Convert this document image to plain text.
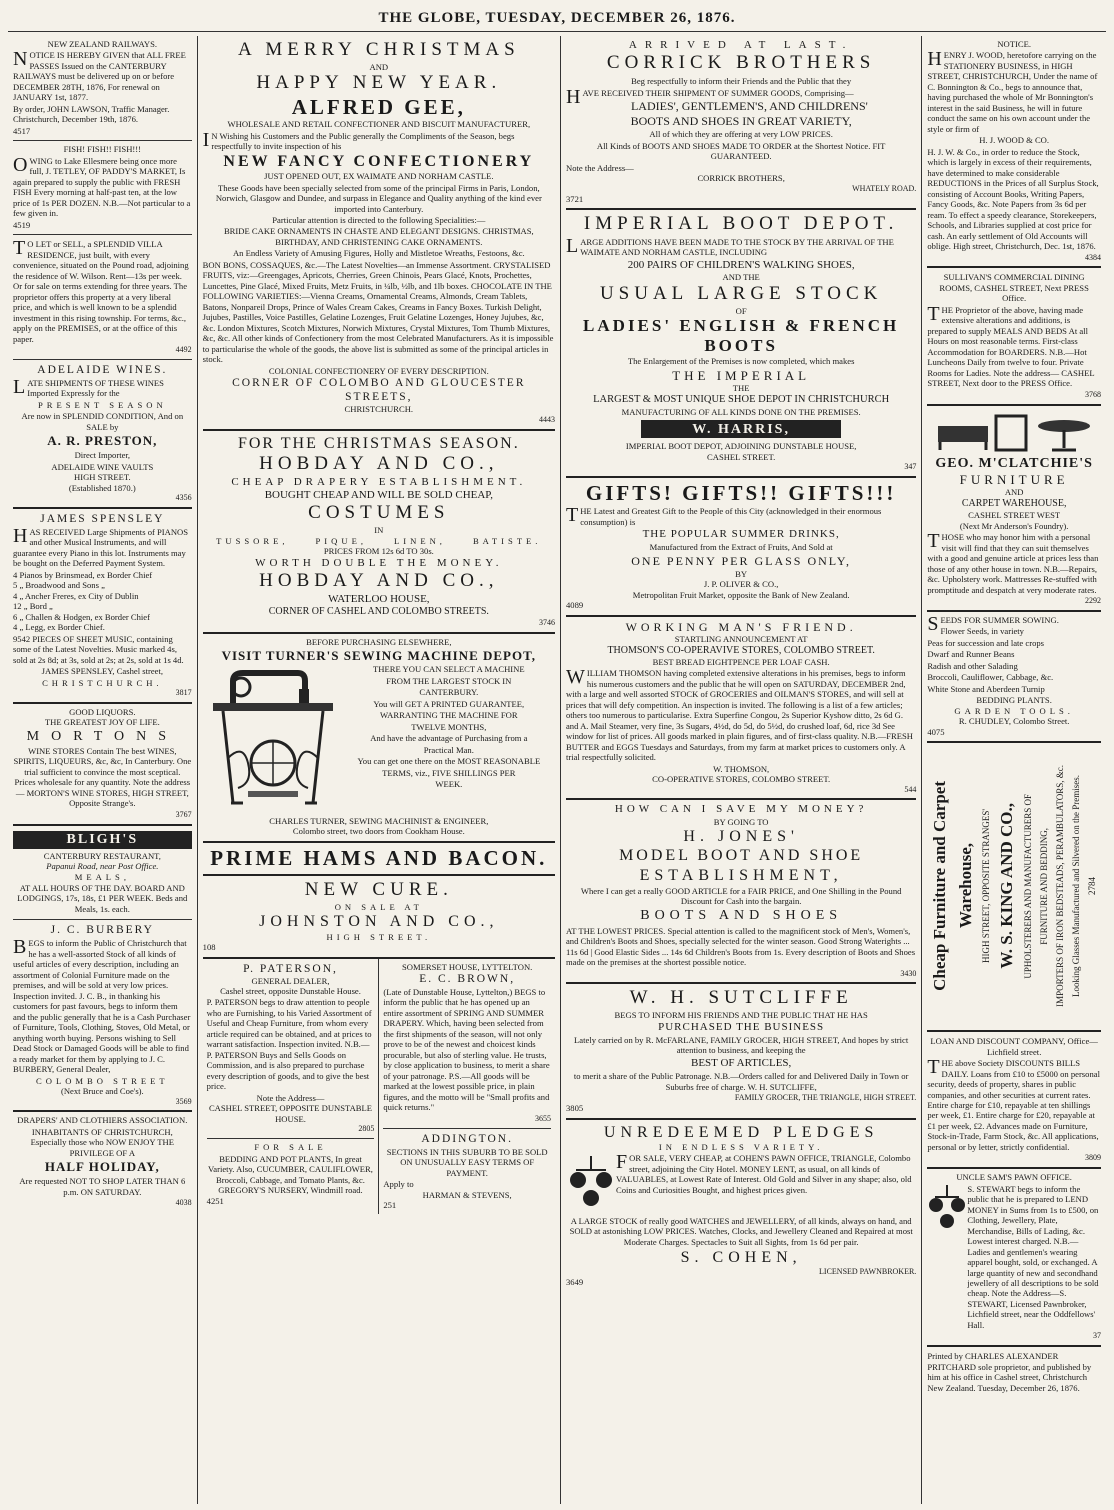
THE GLOBE, TUESDAY, DECEMBER 26, 1876.
NEW ZEALAND RAILWAYS.

NOTICE IS HEREBY GIVEN that ALL FREE PASSES Issued on the CANTERBURY RAILWAYS must be delivered up on or before DECEMBER 28TH, 1876, For renewal on JANUARY 1st, 1877.

By order, JOHN LAWSON, Traffic Manager. Christchurch, December 19th, 1876.

4517
FISH! FISH!! FISH!!!

OWING to Lake Ellesmere being once more full, J. TETLEY, OF PADDY'S MARKET, Is again prepared to supply the public with FRESH FISH Every morning at half-past ten, at the low price of 1s PER DOZEN. N.B.—Not particular to a few given in.

4519

TO LET or SELL, a SPLENDID VILLA RESIDENCE, just built, with every convenience, situated on the Pound road, adjoining the residence of W. Wilson. Rent—13s per week. Or for sale on terms extending for three years. The proprietor offers this property at a very liberal price, and which is well known to be a splendid investment in this rising township. For terms, &c., apply on the PREMISES, or at the office of this paper.

4492
ADELAIDE WINES.

LATE SHIPMENTS OF THESE WINES Imported Expressly for the

PRESENT SEASON

Are now in SPLENDID CONDITION, And on SALE by

A. R. PRESTON,

Direct Importer,

ADELAIDE WINE VAULTS
HIGH STREET.
(Established 1870.)
4356
JAMES SPENSLEY

HAS RECEIVED Large Shipments of PIANOS and other Musical Instruments, and will guarantee every Piano in this lot. Instruments may be bought on the Deferred Payment System.

4 Pianos by Brinsmead, ex Border Chief
5 „ Broadwood and Sons „
4 „ Ancher Freres, ex City of Dublin
12 „ Bord „
6 „ Challen & Hodgen, ex Border Chief
4 „ Legg, ex Border Chief.

9542 PIECES OF SHEET MUSIC, containing some of the Latest Novelties. Music marked 4s, sold at 2s 8d; at 3s, sold at 2s; at 2s, sold at 1s 4d.

JAMES SPENSLEY, Cashel street,

CHRISTCHURCH.
3817
GOOD LIQUORS.
THE GREATEST JOY OF LIFE.
MORTONS

WINE STORES Contain The best WINES, SPIRITS, LIQUEURS, &c, &c, In Canterbury. One trial sufficient to convince the most sceptical. Prices wholesale for any quantity. Note the address— MORTON'S WINE STORES, HIGH STREET, Opposite Strange's.

3767
BLIGH'S
CANTERBURY RESTAURANT,
Papanui Road, near Post Office.
MEALS,

AT ALL HOURS OF THE DAY. BOARD AND LODGINGS, 17s, 18s, £1 PER WEEK. Beds and Meals, 1s. each.

J. C. BURBERY

BEGS to inform the Public of Christchurch that he has a well-assorted Stock of all kinds of useful articles of every description, including an assortment of Colonial Furniture made on the premises, and will be sold at very low prices. Inspection invited. J. C. B., in thanking his customers for past favours, begs to inform them and the public generally that he is a Cash Purchaser of Furniture, Tools, Clothing, Stoves, Old Metal, or anything worth buying. Persons wishing to Sell Dead Stock or Damaged Goods will be able to find a ready market for them by applying to J. C. BURBERY, General Dealer,

COLOMBO STREET
(Next Bruce and Coe's).
3569
DRAPERS' AND CLOTHIERS ASSOCIATION.

INHABITANTS OF CHRISTCHURCH, Especially those who NOW ENJOY THE PRIVILEGE OF A

HALF HOLIDAY,

Are requested NOT TO SHOP LATER THAN 6 p.m. ON SATURDAY.

4038
A MERRY CHRISTMAS
AND
HAPPY NEW YEAR.
ALFRED GEE,
WHOLESALE AND RETAIL CONFECTIONER AND BISCUIT MANUFACTURER,

IN Wishing his Customers and the Public generally the Compliments of the Season, begs respectfully to invite inspection of his

NEW FANCY CONFECTIONERY
JUST OPENED OUT, EX WAIMATE AND NORHAM CASTLE.

These Goods have been specially selected from some of the principal Firms in Paris, London, Norwich, Glasgow and Dundee, and surpass in Elegance and Quality anything of the kind ever imported into Canterbury.

Particular attention is directed to the following Specialities:—

BRIDE CAKE ORNAMENTS IN CHASTE AND ELEGANT DESIGNS. CHRISTMAS, BIRTHDAY, AND CHRISTENING CAKE ORNAMENTS.

An Endless Variety of Amusing Figures, Holly and Mistletoe Wreaths, Festoons, &c.

BON BONS, COSSAQUES, &c.—The Latest Novelties—an Immense Assortment. CRYSTALISED FRUITS, viz:—Greengages, Apricots, Cherries, Green Chinois, Pears Glacé, Knots, Prochettes, Luncettes, Pine Glacé, Mixed Fruits, Metz Fruits, in ¼lb, ½lb, and 1lb boxes. CHOCOLATE IN THE FOLLOWING VARIETIES:—Vienna Creams, Ornamental Creams, Almonds, Cream Tablets, Batons, Nonpareil Drops, Prince of Wales Cream Cakes, Creams in Fancy Boxes. Turkish Delight, Jujubes, Pastilles, Voice Pastilles, Gelatine Lozenges, Fruit Gelatine Lozenges, Honey Jujubes, &c, &c. London Mixtures, Scotch Mixtures, Norwich Mixtures, Crystal Mixtures, Tom Thumb Mixtures, &c, &c. All other kinds of Confectionery from the most Celebrated Manufacturers. As it is impossible to particularise the whole of the goods, the above list is submitted as some of the principal articles in stock.

COLONIAL CONFECTIONERY OF EVERY DESCRIPTION.
CORNER OF COLOMBO AND GLOUCESTER STREETS,
CHRISTCHURCH.
4443
FOR THE CHRISTMAS SEASON.
HOBDAY AND CO.,
CHEAP DRAPERY ESTABLISHMENT.
BOUGHT CHEAP AND WILL BE SOLD CHEAP,
COSTUMES
IN
TUSSORE,	PIQUE,	LINEN,	BATISTE.
PRICES FROM 12s 6d TO 30s.
WORTH DOUBLE THE MONEY.
HOBDAY AND CO.,
WATERLOO HOUSE,
CORNER OF CASHEL AND COLOMBO STREETS.
3746
BEFORE PURCHASING ELSEWHERE,
VISIT TURNER'S SEWING MACHINE DEPOT,

THERE YOU CAN SELECT A MACHINE

FROM THE LARGEST STOCK IN

CANTERBURY.

You will GET A PRINTED GUARANTEE,

WARRANTING THE MACHINE FOR

TWELVE MONTHS,

And have the advantage of Purchasing from a

Practical Man.

You can get one there on the MOST REASONABLE

TERMS, viz., FIVE SHILLINGS PER

WEEK.

CHARLES TURNER, SEWING MACHINIST & ENGINEER,
Colombo street, two doors from Cookham House.
PRIME HAMS AND BACON.
NEW CURE.
ON SALE AT
JOHNSTON AND CO.,
HIGH STREET.
108
P. PATERSON,
GENERAL DEALER,
Cashel street, opposite Dunstable House.

P. PATERSON begs to draw attention to people who are Furnishing, to his Varied Assortment of Useful and Cheap Furniture, from whom every article required can be obtained, and at prices to warrant satisfaction. Inspection invited. N.B.—P. PATERSON Buys and Sells Goods on Commission, and is also prepared to purchase every description of goods, and to give the best price.

Note the Address—
CASHEL STREET, OPPOSITE DUNSTABLE HOUSE.
2805
FOR SALE

BEDDING AND POT PLANTS, In great Variety. Also, CUCUMBER, CAULIFLOWER, Broccoli, Cabbage, and Tomato Plants, &c. GREGORY'S NURSERY, Windmill road.

4251
SOMERSET HOUSE, LYTTELTON.
E. C. BROWN,

(Late of Dunstable House, Lyttelton,) BEGS to inform the public that he has opened up an entire assortment of SPRING AND SUMMER DRAPERY. Which, having been selected from the first shipments of the season, will not only prove to be of the newest and choicest kinds procurable, but also of sterling value. He trusts, by close application to business, to merit a share of your patronage. P.S.—All goods will be marked at the lowest possible price, in plain figures, and the motto will be "Small profits and quick returns."

3655
ADDINGTON.

SECTIONS IN THIS SUBURB TO BE SOLD ON UNUSUALLY EASY TERMS OF PAYMENT.

Apply to
HARMAN & STEVENS,
251
ARRIVED AT LAST.
CORRICK BROTHERS

Beg respectfully to inform their Friends and the Public that they

HAVE RECEIVED THEIR SHIPMENT OF SUMMER GOODS, Comprising—

LADIES', GENTLEMEN'S, AND CHILDRENS'
BOOTS AND SHOES IN GREAT VARIETY,

All of which they are offering at very LOW PRICES.

All Kinds of BOOTS AND SHOES MADE TO ORDER at the Shortest Notice. FIT GUARANTEED.

Note the Address—
CORRICK BROTHERS,
WHATELY ROAD.
3721
IMPERIAL BOOT DEPOT.

LARGE ADDITIONS HAVE BEEN MADE TO THE STOCK BY THE ARRIVAL OF THE WAIMATE AND NORHAM CASTLE, INCLUDING

200 PAIRS OF CHILDREN'S WALKING SHOES,
AND THE
USUAL LARGE STOCK
OF
LADIES' ENGLISH & FRENCH BOOTS

The Enlargement of the Premises is now completed, which makes

THE IMPERIAL
THE
LARGEST & MOST UNIQUE SHOE DEPOT IN CHRISTCHURCH
MANUFACTURING OF ALL KINDS DONE ON THE PREMISES.
W. HARRIS,
IMPERIAL BOOT DEPOT, ADJOINING DUNSTABLE HOUSE,
CASHEL STREET.
347
GIFTS! GIFTS!! GIFTS!!!

THE Latest and Greatest Gift to the People of this City (acknowledged in their enormous consumption) is

THE POPULAR SUMMER DRINKS,

Manufactured from the Extract of Fruits, And Sold at

ONE PENNY PER GLASS ONLY,
BY
J. P. OLIVER & CO.,
Metropolitan Fruit Market, opposite the Bank of New Zealand.
4089
WORKING MAN'S FRIEND.
STARTLING ANNOUNCEMENT AT
THOMSON'S CO-OPERAVIVE STORES, COLOMBO STREET.
BEST BREAD EIGHTPENCE PER LOAF CASH.

WILLIAM THOMSON having completed extensive alterations in his premises, begs to inform his numerous customers and the public that he will open on SATURDAY, DECEMBER 2nd, with a large and well assorted STOCK of GROCERIES and OILMAN'S STORES, and will sell at prices that will defy competition. An inspection is invited. The following is a list of a few articles; others too numerous to particularise. Extra Superfine Congou, 2s Superior Kyshow ditto, 2s 6d G. and A. Mail Steamer, very fine, 3s Sugars, 4½d, do 5d, do 5½d, do crushed loaf, 6d, rice 3d See window for list of prices. All goods marked in plain figures, and of first-class quality. N.B.—FRESH BUTTER and EGGS Tuesdays and Saturdays, from my farm at market prices to customers only. A trial respectfully solicited.

W. THOMSON,
CO-OPERATIVE STORES, COLOMBO STREET.
544
HOW CAN I SAVE MY MONEY?
BY GOING TO
H. JONES'
MODEL BOOT AND SHOE
ESTABLISHMENT,

Where I can get a really GOOD ARTICLE for a FAIR PRICE, and One Shilling in the Pound Discount for Cash into the bargain.

BOOTS AND SHOES

AT THE LOWEST PRICES. Special attention is called to the magnificent stock of Men's, Women's, and Children's Boots and Shoes, specially selected for the winter season. Good Strong Waterights ... 11s 6d | Good Elastic Sides ... 14s 6d Children's Boots from 1s. Every description of Boots and Shoes made on the premises at the shortest possible notice.

3430
W. H. SUTCLIFFE
BEGS TO INFORM HIS FRIENDS AND THE PUBLIC THAT HE HAS
PURCHASED THE BUSINESS

Lately carried on by R. McFARLANE, FAMILY GROCER, HIGH STREET, And hopes by strict attention to business, and keeping the

BEST OF ARTICLES,

to merit a share of the Public Patronage. N.B.—Orders called for and Delivered Daily in Town or Suburbs free of charge. W. H. SUTCLIFFE,

FAMILY GROCER, THE TRIANGLE, HIGH STREET.
3805
UNREDEEMED PLEDGES
IN ENDLESS VARIETY.

FOR SALE, VERY CHEAP, at COHEN'S PAWN OFFICE, TRIANGLE, Colombo street, adjoining the City Hotel. MONEY LENT, as usual, on all kinds of VALUABLES, at Lowest Rate of Interest. Old Gold and Silver in any shape; also, old Coins and Curiosities Bought, and highest prices given.

A LARGE STOCK of really good WATCHES and JEWELLERY, of all kinds, always on hand, and SOLD at astonishing LOW PRICES. Watches, Clocks, and Jewellery Cleaned and Repaired at most Moderate Charges. Spectacles to Suit all Sights, from 1s 6d per pair.

S. COHEN,
LICENSED PAWNBROKER.
3649
NOTICE.

HENRY J. WOOD, heretofore carrying on the STATIONERY BUSINESS, in HIGH STREET, CHRISTCHURCH, Under the name of C. Bonnington & Co., begs to announce that, having purchased the whole of Mr Bonnington's interest in the said Business, he will in future conduct the same on his own account under the style or firm of

H. J. WOOD & CO.

H. J. W. & Co., in order to reduce the Stock, which is largely in excess of their requirements, have determined to make considerable REDUCTIONS in the Prices of all Surplus Stock, consisting of Account Books, Writing Papers, Fancy Goods, &c. Note Papers from 3s 6d per ream. To effect a speedy clearance, Storekeepers, Schools, and Libraries supplied at cost price for cash. An early settlement of Old Accounts will oblige. High street, Christchurch, Dec. 1st, 1876.

4384

SULLIVAN'S COMMERCIAL DINING ROOMS, CASHEL STREET, Next PRESS Office.

THE Proprietor of the above, having made extensive alterations and additions, is prepared to supply MEALS AND BEDS At all Hours on most reasonable terms. First-class Accommodation for BOARDERS. N.B.—Hot Luncheons Daily from twelve to four. Private Rooms for Ladies. Note the address— CASHEL STREET, Next door to the PRESS Office.

3768
GEO. M'CLATCHIE'S
FURNITURE
AND
CARPET WAREHOUSE,
CASHEL STREET WEST
(Next Mr Anderson's Foundry).

THOSE who may honor him with a personal visit will find that they can suit themselves with a good and genuine article at prices less than those of any other house in town. N.B.—Repairs, &c. Upholstery work. Mattresses Re-stuffed with promptitude and despatch at very moderate rates.

2292
SEEDS FOR SUMMER SOWING.

Flower Seeds, in variety

Peas for succession and late crops

Dwarf and Runner Beans

Radish and other Salading

Broccoli, Cauliflower, Cabbage, &c.

White Stone and Aberdeen Turnip

BEDDING PLANTS.
GARDEN TOOLS.
R. CHUDLEY, Colombo Street.
4075
Cheap Furniture and Carpet Warehouse, HIGH STREET, OPPOSITE STRANGES' W. S. KING AND CO., UPHOLSTERERS AND MANUFACTURERS OF FURNITURE AND BEDDING, IMPORTERS OF IRON BEDSTEADS, PERAMBULATORS, &c. Looking Glasses Manufactured and Silvered on the Premises. 2784

LOAN AND DISCOUNT COMPANY, Office—Lichfield street.

THE above Society DISCOUNTS BILLS DAILY. Loans from £10 to £5000 on personal security, deeds of property, shares in public companies, and other securities at current rates. Entire charge for £10, repayable at ten shillings per week, £1. Entire charge for £20, repayable at £1 per week, £2. Advances made on Furniture, Stock-in-Trade, Farm Stock, &c. All applications, personal or by letter, strictly confidential.

3809
UNCLE SAM'S PAWN OFFICE.

S. STEWART begs to inform the public that he is prepared to LEND MONEY in Sums from 1s to £500, on Clothing, Jewellery, Plate, Merchandise, Bills of Lading, &c. Lowest interest charged. N.B.—Ladies and gentlemen's wearing apparel bought, sold, or exchanged. A large quantity of new and secondhand jewellery of all descriptions to be sold cheap. Note the Address—S. STEWART, Licensed Pawnbroker, Lichfield street, near the Oddfellows' Hall.

37

Printed by CHARLES ALEXANDER PRITCHARD sole proprietor, and published by him at his office in Cashel street, Christchurch New Zealand. Tuesday, December 26, 1876.
